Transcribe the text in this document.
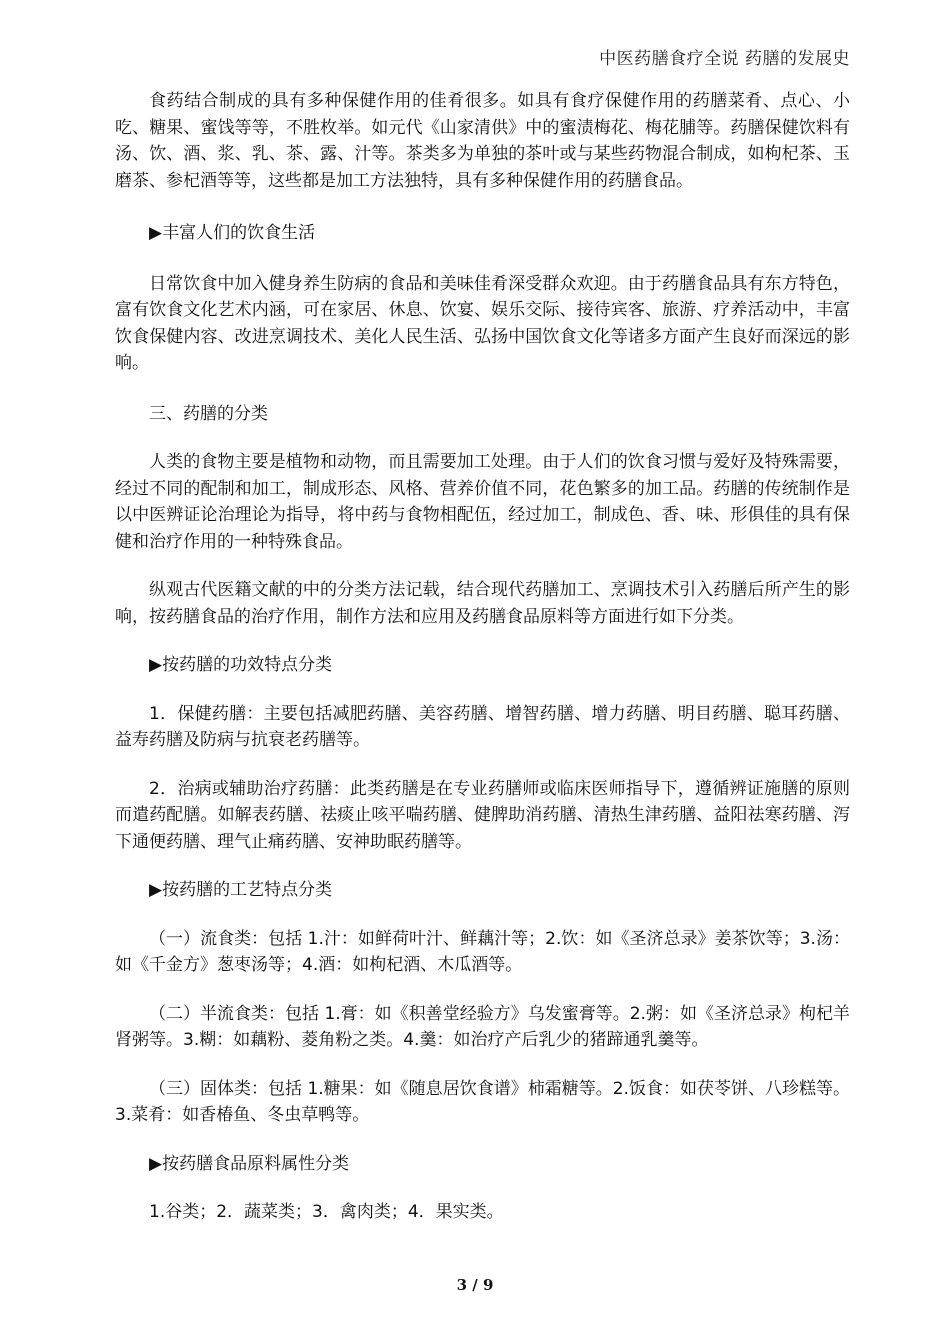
中医药膳食疗全说 药膳的发展史

食药结合制成的具有多种保健作用的佳肴很多。如具有食疗保健作用的药膳菜肴、点心、小吃、糖果、蜜饯等等，不胜枚举。如元代《山家清供》中的蜜渍梅花、梅花脯等。药膳保健饮料有汤、饮、酒、浆、乳、茶、露、汁等。茶类多为单独的茶叶或与某些药物混合制成，如枸杞茶、玉磨茶、参杞酒等等，这些都是加工方法独特，具有多种保健作用的药膳食品。

▶丰富人们的饮食生活

日常饮食中加入健身养生防病的食品和美味佳肴深受群众欢迎。由于药膳食品具有东方特色，富有饮食文化艺术内涵，可在家居、休息、饮宴、娱乐交际、接待宾客、旅游、疗养活动中，丰富饮食保健内容、改进烹调技术、美化人民生活、弘扬中国饮食文化等诸多方面产生良好而深远的影响。

三、药膳的分类

人类的食物主要是植物和动物，而且需要加工处理。由于人们的饮食习惯与爱好及特殊需要，经过不同的配制和加工，制成形态、风格、营养价值不同，花色繁多的加工品。药膳的传统制作是以中医辨证论治理论为指导，将中药与食物相配伍，经过加工，制成色、香、味、形俱佳的具有保健和治疗作用的一种特殊食品。

纵观古代医籍文献的中的分类方法记载，结合现代药膳加工、烹调技术引入药膳后所产生的影响，按药膳食品的治疗作用，制作方法和应用及药膳食品原料等方面进行如下分类。

▶按药膳的功效特点分类

1．保健药膳：主要包括减肥药膳、美容药膳、增智药膳、增力药膳、明目药膳、聪耳药膳、益寿药膳及防病与抗衰老药膳等。

2．治病或辅助治疗药膳：此类药膳是在专业药膳师或临床医师指导下，遵循辨证施膳的原则而遣药配膳。如解表药膳、祛痰止咳平喘药膳、健脾助消药膳、清热生津药膳、益阳祛寒药膳、泻下通便药膳、理气止痛药膳、安神助眠药膳等。

▶按药膳的工艺特点分类

（一）流食类：包括 1.汁：如鲜荷叶汁、鲜藕汁等；2.饮：如《圣济总录》姜茶饮等；3.汤：如《千金方》葱枣汤等；4.酒：如枸杞酒、木瓜酒等。

（二）半流食类：包括 1.膏：如《积善堂经验方》乌发蜜膏等。2.粥：如《圣济总录》枸杞羊肾粥等。3.糊：如藕粉、菱角粉之类。4.羹：如治疗产后乳少的猪蹄通乳羹等。

（三）固体类：包括 1.糖果：如《随息居饮食谱》柿霜糖等。2.饭食：如茯苓饼、八珍糕等。3.菜肴：如香椿鱼、冬虫草鸭等。

▶按药膳食品原料属性分类

1.谷类；2．蔬菜类；3．禽肉类；4．果实类。

3 / 9
